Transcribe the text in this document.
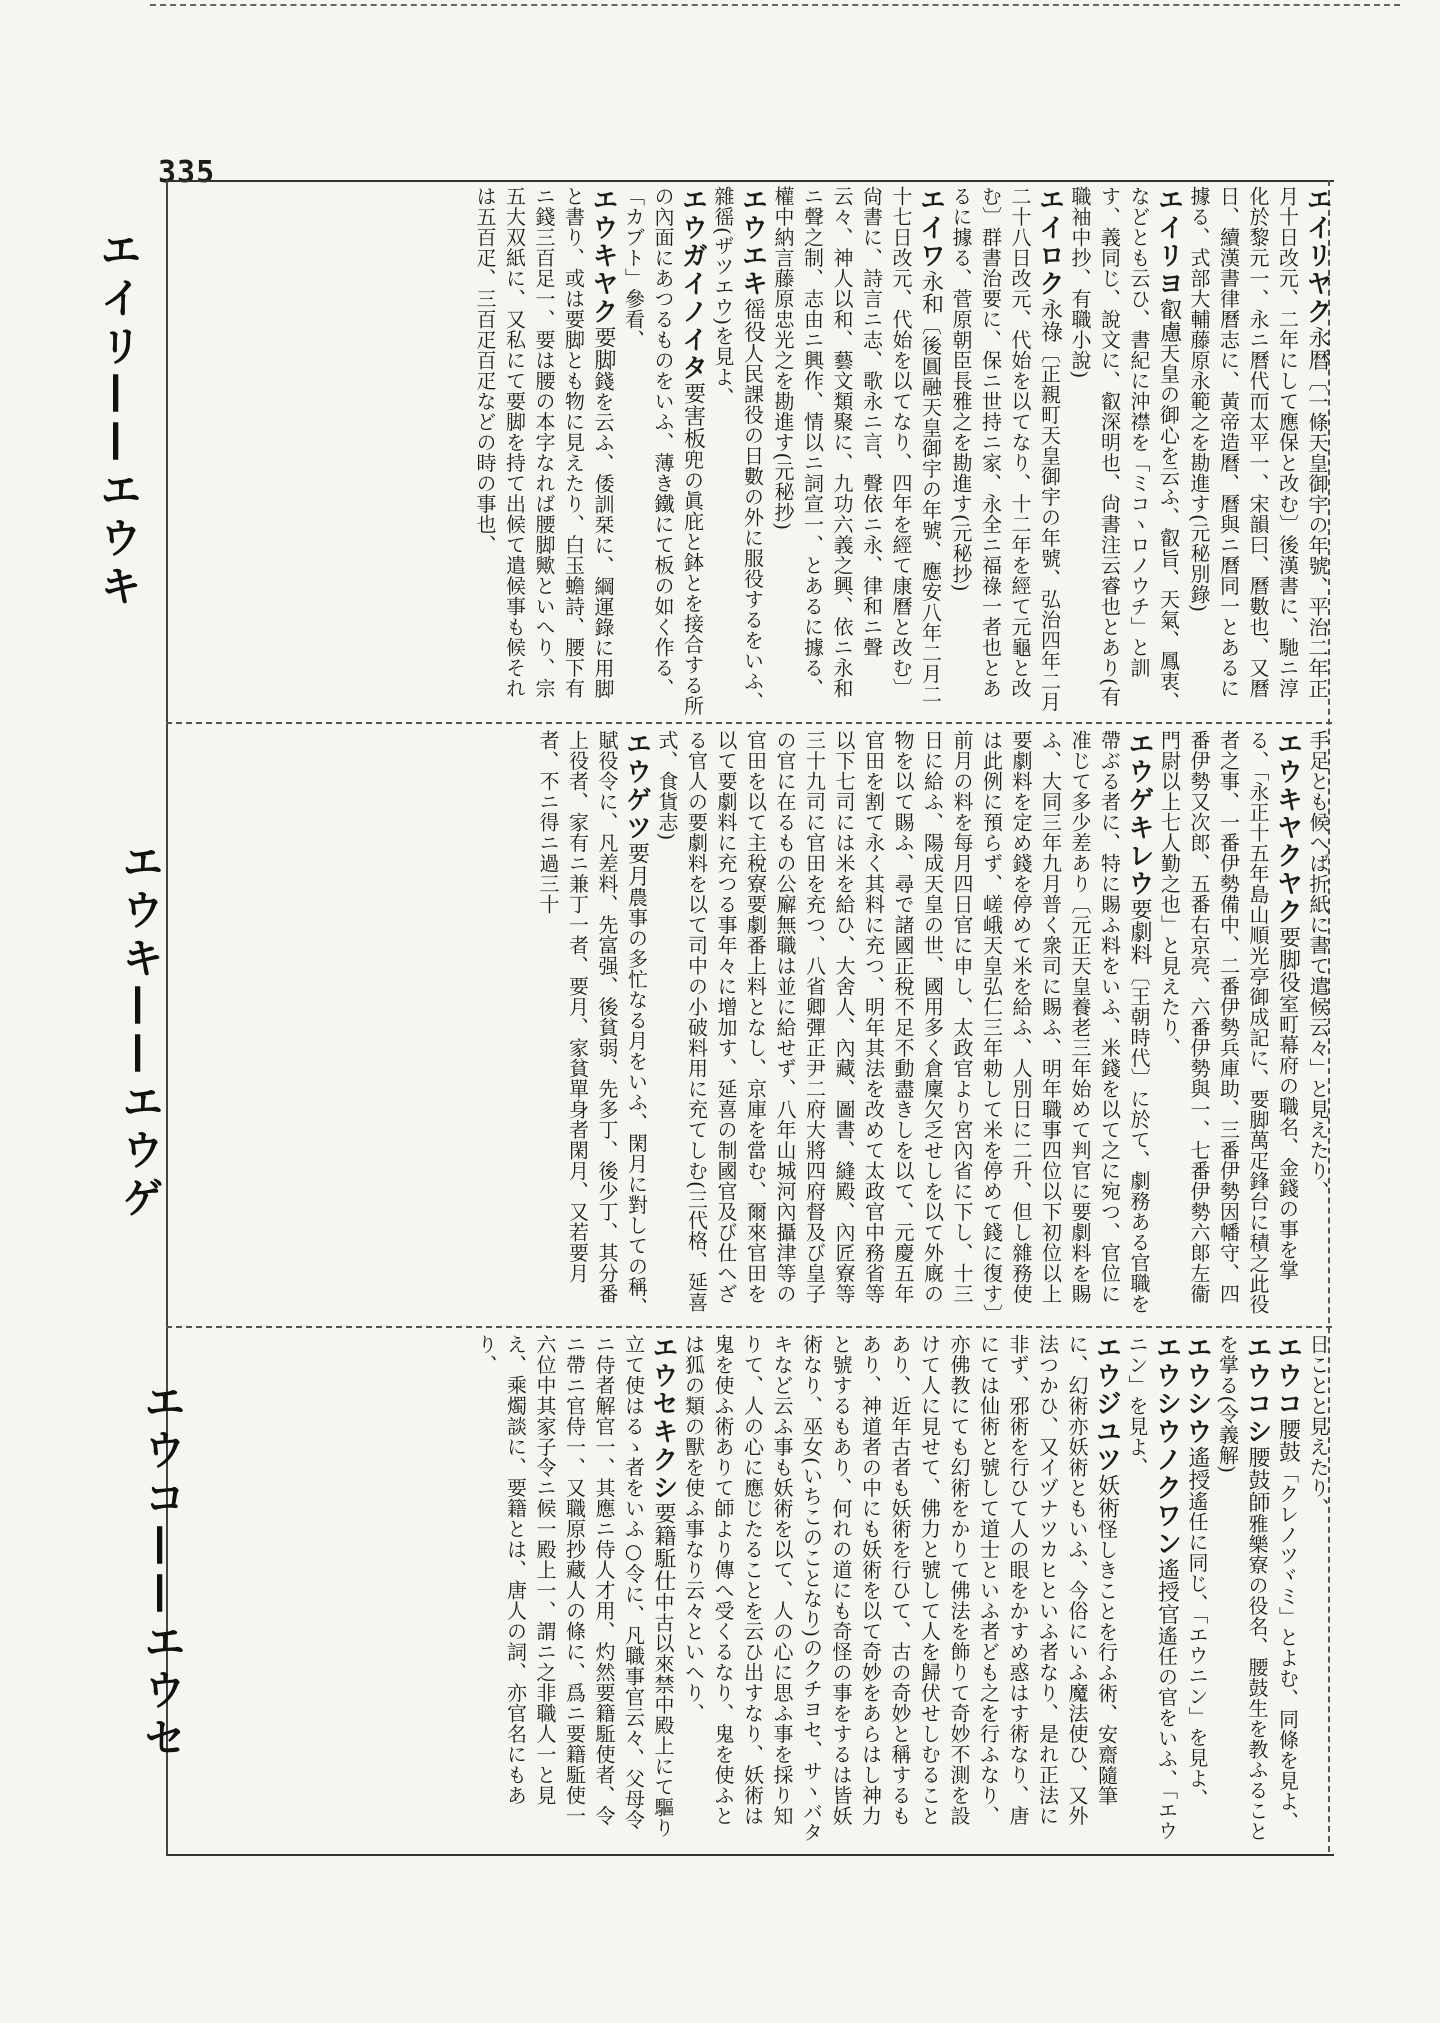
335
エイリ——エウキ
エウキ——エウゲ
エウコ——エウセ

エイリヤク永暦〔一條天皇御宇の年號、平治二年正月十日改元、二年にして應保と改む〕後漢書に、馳ニ淳化於黎元一、永ニ曆代而太平一、宋韻曰、曆數也、又曆日、續漢書律曆志に、黃帝造曆、曆與ニ曆同一とあるに據る、式部大輔藤原永範之を勘進す(元秘別錄)

エイリヨ叡慮天皇の御心を云ふ、叡旨、天氣、鳳衷、などとも云ひ、書紀に沖襟を「ミコヽロノウチ」と訓す、義同じ、說文に、叡深明也、尙書注云睿也とあり(有職袖中抄、有職小說)

エイロク永祿〔正親町天皇御宇の年號、弘治四年二月二十八日改元、代始を以てなり、十二年を經て元龜と改む〕群書治要に、保ニ世持ニ家、永全ニ福祿一者也とあるに據る、菅原朝臣長雅之を勘進す(元秘抄)

エイワ永和〔後圓融天皇御宇の年號、應安八年二月二十七日改元、代始を以てなり、四年を經て康曆と改む〕尙書に、詩言ニ志、歌永ニ言、聲依ニ永、律和ニ聲云々、神人以和、藝文類聚に、九功六義之興、依ニ永和ニ聲之制、志由ニ興作、情以ニ詞宣一、とあるに據る、權中納言藤原忠光之を勘進す(元秘抄)

エウエキ徭役人民課役の日數の外に服役するをいふ、雜徭(ザツエウ)を見よ、

エウガイノイタ要害板兜の眞庇と鉢とを接合する所の內面にあつるものをいふ、薄き鐵にて板の如く作る、「カブト」參看、

エウキヤク要脚錢を云ふ、倭訓栞に、綱運錄に用脚と書り、或は要脚とも物に見えたり、白玉蟾詩、腰下有ニ錢三百足一、要は腰の本字なれば腰脚歟といへり、宗五大双紙に、又私にて要脚を持て出候て遣候事も候それは五百疋、三百疋百疋などの時の事也、

手足とも候へば折紙に書て遣候云々」と見えたり、

エウキヤクヤク要脚役室町幕府の職名、金錢の事を掌る、「永正十五年島山順光亭御成記に、要脚萬疋鋒台に積之此役者之事、一番伊勢備中、二番伊勢兵庫助、三番伊勢因幡守、四番伊勢又次郎、五番右京亮、六番伊勢與一、七番伊勢六郞左衞門尉以上七人勤之也」と見えたり、

エウゲキレウ要劇料〔王朝時代〕に於て、劇務ある官職を帶ぶる者に、特に賜ふ料をいふ、米錢を以て之に宛つ、官位に准じて多少差あり〔元正天皇養老三年始めて判官に要劇料を賜ふ、大同三年九月普く衆司に賜ふ、明年職事四位以下初位以上要劇料を定め錢を停めて米を給ふ、人別日に二升、但し雜務使は此例に預らず、嵯峨天皇弘仁三年勅して米を停めて錢に復す〕前月の料を每月四日官に申し、太政官より宮內省に下し、十三日に給ふ、陽成天皇の世、國用多く倉廩欠乏せしを以て外廐の物を以て賜ふ、尋で諸國正稅不足不動盡きしを以て、元慶五年官田を割て永く其料に充つ、明年其法を改めて太政官中務省等以下七司には米を給ひ、大舍人、內藏、圖書、縫殿、內匠寮等三十九司に官田を充つ、八省卿彈正尹二府大將四府督及び皇子の官に在るもの公廨無職は並に給せず、八年山城河內攝津等の官田を以て主稅寮要劇番上料となし、京庫を當む、爾來官田を以て要劇料に充つる事年々に增加す、延喜の制國官及び仕へざる官人の要劇料を以て司中の小破料用に充てしむ(三代格、延喜式、食貨志)

エウゲツ要月農事の多忙なる月をいふ、閑月に對しての稱、賦役令に、凡差料、先富强、後貧弱、先多丁、後少丁、其分番上役者、家有ニ兼丁一者、要月、家貧單身者閑月、又若要月者、不ニ得ニ過三十

日ことと見えたり、

エウコ腰鼓「クレノツヾミ」とよむ、同條を見よ、

エウコシ腰鼓師雅樂寮の役名、腰鼓生を教ふることを掌る(令義解)

エウシウ遙授遙任に同じ、「エウニン」を見よ、

エウシウノクワン遙授官遙任の官をいふ、「エウニン」を見よ、

エウジユツ妖術怪しきことを行ふ術、安齋隨筆に、幻術亦妖術ともいふ、今俗にいふ魔法使ひ、又外法つかひ、又イヅナツカヒといふ者なり、是れ正法に非ず、邪術を行ひて人の眼をかすめ惑はす術なり、唐にては仙術と號して道士といふ者ども之を行ふなり、亦佛教にても幻術をかりて佛法を飾りて奇妙不測を設けて人に見せて、佛力と號して人を歸伏せしむることあり、近年古者も妖術を行ひて、古の奇妙と稱するもあり、神道者の中にも妖術を以て奇妙をあらはし神力と號するもあり、何れの道にも奇怪の事をするは皆妖術なり、巫女(いちこのことなり)のクチヨセ、サヽバタキなど云ふ事も妖術を以て、人の心に思ふ事を採り知りて、人の心に應じたることを云ひ出すなり、妖術は鬼を使ふ術ありて師より傳へ受くるなり、鬼を使ふとは狐の類の獸を使ふ事なり云々といへり、

エウセキクシ要籍駈仕中古以來禁中殿上にて驅り立て使はるゝ者をいふ○令に、凡職事官云々、父母令ニ侍者解官一、其應ニ侍人才用、灼然要籍駈使者、令ニ帶ニ官侍一、又職原抄藏人の條に、爲ニ要籍駈使一六位中其家子令ニ候一殿上一、謂ニ之非職人一と見え、乘燭談に、要籍とは、唐人の詞、亦官名にもあり、
